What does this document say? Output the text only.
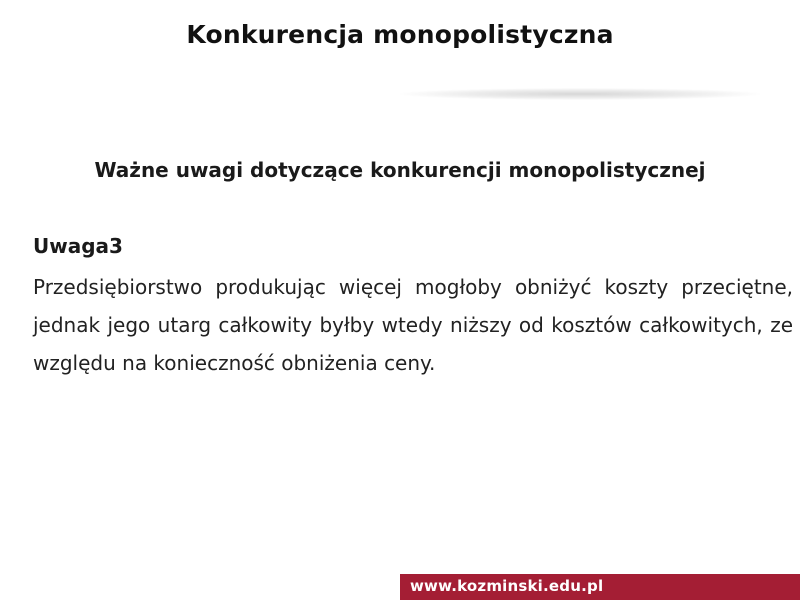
Konkurencja monopolistyczna
Ważne uwagi dotyczące konkurencji monopolistycznej
Uwaga3

Przedsiębiorstwo produkując więcej mogłoby obniżyć koszty przeciętne, jednak jego utarg całkowity byłby wtedy niższy od kosztów całkowitych, ze względu na konieczność obniżenia ceny.

www.kozminski.edu.pl
